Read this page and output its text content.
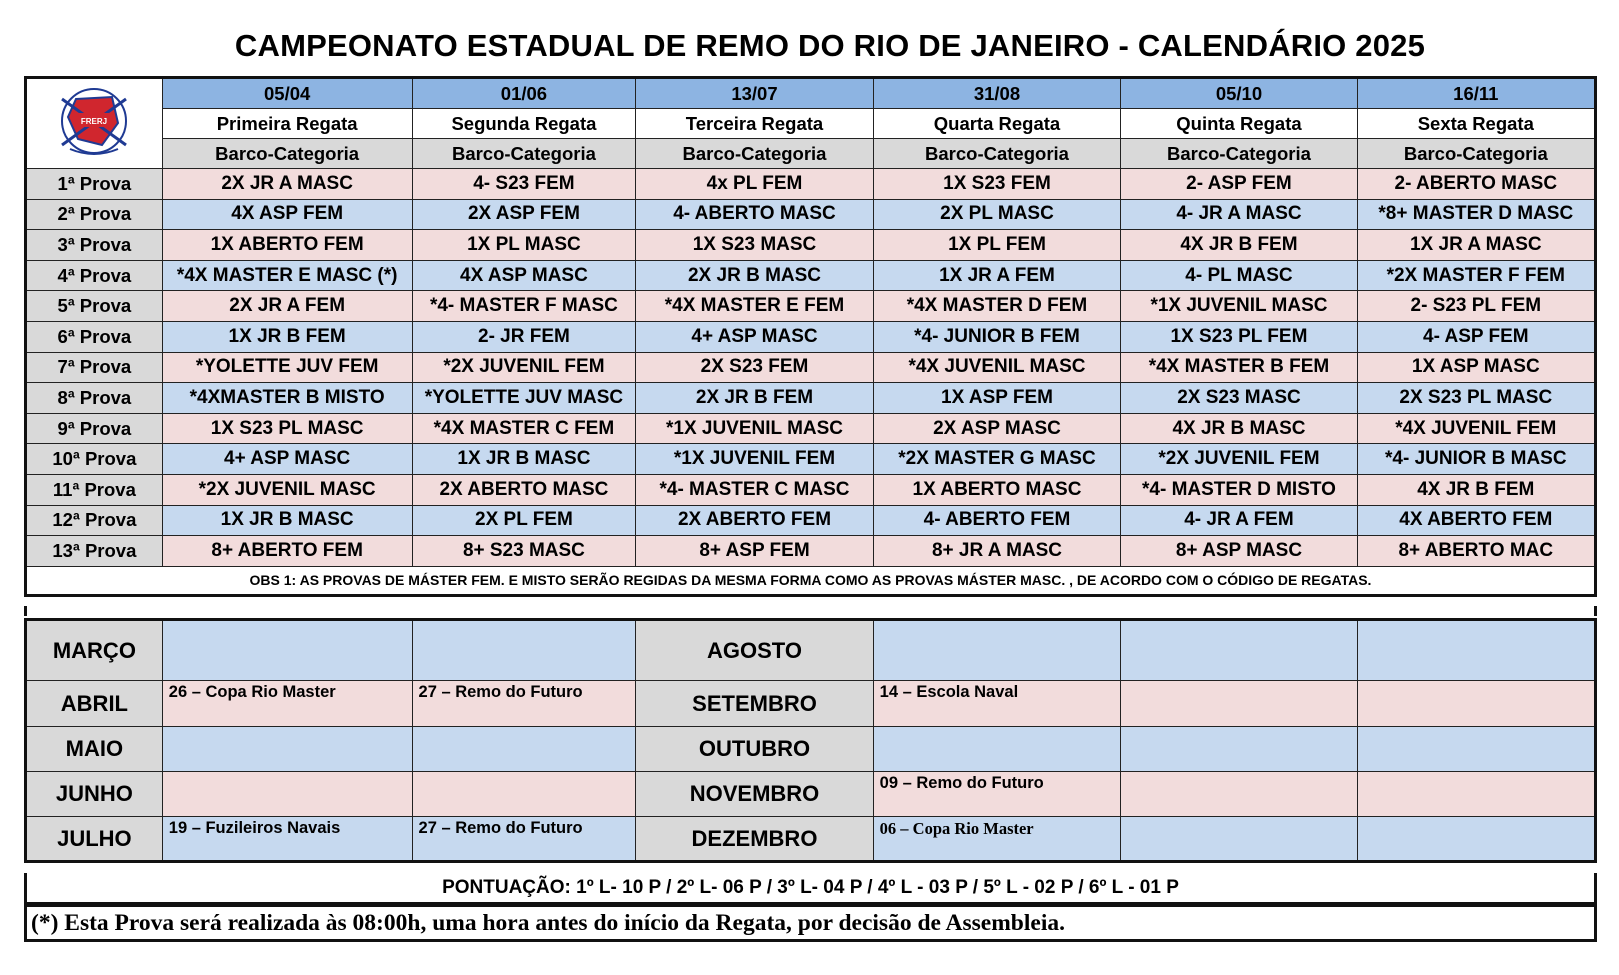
CAMPEONATO ESTADUAL DE REMO DO RIO DE JANEIRO - CALENDÁRIO 2025
FRERJ	05/04	01/06	13/07	31/08	05/10	16/11
	Primeira Regata	Segunda Regata	Terceira Regata	Quarta Regata	Quinta Regata	Sexta Regata
	Barco-Categoria	Barco-Categoria	Barco-Categoria	Barco-Categoria	Barco-Categoria	Barco-Categoria
1ª Prova	2X JR A MASC	4- S23 FEM	4x PL FEM	1X S23 FEM	2- ASP FEM	2- ABERTO MASC
2ª Prova	4X ASP FEM	2X ASP FEM	4- ABERTO MASC	2X PL MASC	4- JR A MASC	*8+ MASTER D MASC
3ª Prova	1X ABERTO FEM	1X PL MASC	1X S23 MASC	1X PL FEM	4X JR B FEM	1X JR A MASC
4ª Prova	*4X MASTER E MASC (*)	4X ASP MASC	2X JR B MASC	1X JR A FEM	4- PL MASC	*2X MASTER F FEM
5ª Prova	2X JR A FEM	*4- MASTER F MASC	*4X MASTER E FEM	*4X MASTER D FEM	*1X JUVENIL MASC	2- S23 PL FEM
6ª Prova	1X JR B FEM	2- JR FEM	4+ ASP MASC	*4- JUNIOR B FEM	1X S23 PL FEM	4- ASP FEM
7ª Prova	*YOLETTE JUV FEM	*2X JUVENIL FEM	2X S23 FEM	*4X JUVENIL MASC	*4X MASTER B FEM	1X ASP MASC
8ª Prova	*4XMASTER B MISTO	*YOLETTE JUV MASC	2X JR B FEM	1X ASP FEM	2X S23 MASC	2X S23 PL MASC
9ª Prova	1X S23 PL MASC	*4X MASTER C FEM	*1X JUVENIL MASC	2X ASP MASC	4X JR B MASC	*4X JUVENIL FEM
10ª Prova	4+ ASP MASC	1X JR B MASC	*1X JUVENIL FEM	*2X MASTER G MASC	*2X JUVENIL FEM	*4- JUNIOR B MASC
11ª Prova	*2X JUVENIL MASC	2X ABERTO MASC	*4- MASTER C MASC	1X ABERTO MASC	*4- MASTER D MISTO	4X JR B FEM
12ª Prova	1X JR B MASC	2X PL FEM	2X ABERTO FEM	4- ABERTO FEM	4- JR A FEM	4X ABERTO FEM
13ª Prova	8+ ABERTO FEM	8+ S23 MASC	8+ ASP FEM	8+ JR A MASC	8+ ASP MASC	8+ ABERTO MAC
OBS 1: AS PROVAS DE MÁSTER FEM. E MISTO SERÃO REGIDAS DA MESMA FORMA COMO AS PROVAS MÁSTER MASC. , DE ACORDO COM O CÓDIGO DE REGATAS.						
MARÇO			AGOSTO			
ABRIL	26 – Copa Rio Master	27 – Remo do Futuro	SETEMBRO	14 – Escola Naval		
MAIO			OUTUBRO			
JUNHO			NOVEMBRO	09 – Remo do Futuro		
JULHO	19 – Fuzileiros Navais	27 – Remo do Futuro	DEZEMBRO	06 – Copa Rio Master		
PONTUAÇÃO: 1º L- 10 P / 2º L- 06 P / 3º L- 04 P / 4º L - 03 P / 5º L - 02 P / 6º L - 01 P
(*) Esta Prova será realizada às 08:00h, uma hora antes do início da Regata, por decisão de Assembleia.
